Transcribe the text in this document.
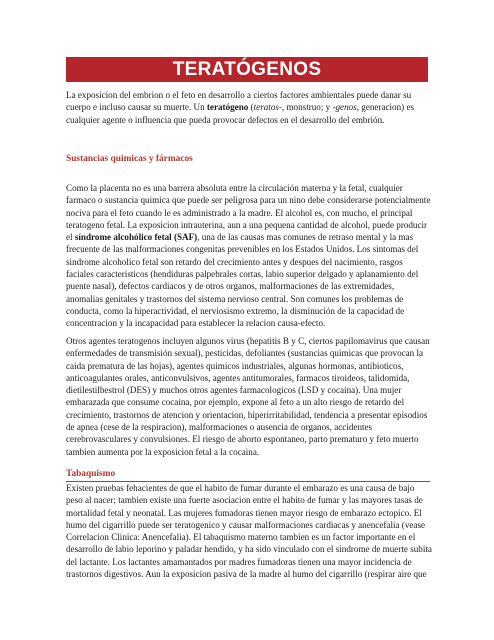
TERATÓGENOS

La exposicion del embrion o el feto en desarrollo a ciertos factores ambientales puede danar su cuerpo e incluso causar su muerte. Un teratógeno (teratos-, monstruo; y -genos, generacion) es cualquier agente o influencia que pueda provocar defectos en el desarrollo del embrión.

Sustancias quimicas y fármacos

Como la placenta no es una barrera absoluta entre la circulación materna y la fetal, cualquier farmaco o sustancia quimica que puede ser peligrosa para un nino debe considerarse potencialmente nociva para el feto cuando le es administrado a la madre. El alcohol es, con mucho, el principal teratogeno fetal. La exposicion intrauterina, aun a una pequena cantidad de alcohol, puede producir el síndrome alcohólico fetal (SAF), una de las causas mas comunes de retraso mental y la mas frecuente de las malformaciones congenitas prevenibles en los Estados Unidos. Los sintomas del sindrome alcoholico fetal son retardo del crecimiento antes y despues del nacimiento, rasgos faciales caracteristicos (hendiduras palpebrales cortas, labio superior delgado y aplanamiento del puente nasal), defectos cardiacos y de otros organos, malformaciones de las extremidades, anomalias genitales y trastornos del sistema nervioso central. Son comunes los problemas de conducta, como la hiperactividad, el nerviosismo extremo, la disminución de la capacidad de concentracion y la incapacidad para establecer la relacion causa-efecto.

Otros agentes teratogenos incluyen algunos virus (hepatitis B y C, ciertos papilomavirus que causan enfermedades de transmisión sexual), pesticidas, defoliantes (sustancias quimicas que provocan la caida prematura de las hojas), agentes quimicos industriales, algunas hormonas, antibioticos, anticoagulantes orales, anticonvulsivos, agentes antitumorales, farmacos tiroideos, talidomida, dietilestilbestrol (DES) y muchos otros agentes farmacologicos (LSD y cocaina). Una mujer embarazada que consume cocaina, por ejemplo, expone al feto a un alto riesgo de retardo del crecimiento, trastornos de atencion y orientacion, hiperirritabilidad, tendencia a presentar episodios de apnea (cese de la respiracion), malformaciones o ausencia de organos, accidentes cerebrovasculares y convulsiones. El riesgo de aborto espontaneo, parto prematuro y feto muerto tambien aumenta por la exposicion fetal a la cocaina.

Tabaquismo

Existen pruebas fehacientes de que el habito de fumar durante el embarazo es una causa de bajo peso al nacer; tambien existe una fuerte asociacion entre el habito de fumar y las mayores tasas de mortalidad fetal y neonatal. Las mujeres fumadoras tienen mayor riesgo de embarazo ectopico. El humo del cigarrillo puede ser teratogenico y causar malformaciones cardiacas y anencefalia (vease Correlacion Clinica: Anencefalia). El tabaquismo materno tambien es un factor importante en el desarrollo de labio leporino y paladar hendido, y ha sido vinculado con el sindrome de muerte subita del lactante. Los lactantes amamantados por madres fumadoras tienen una mayor incidencia de trastornos digestivos. Aun la exposicion pasiva de la madre al humo del cigarrillo (respirar aire que
